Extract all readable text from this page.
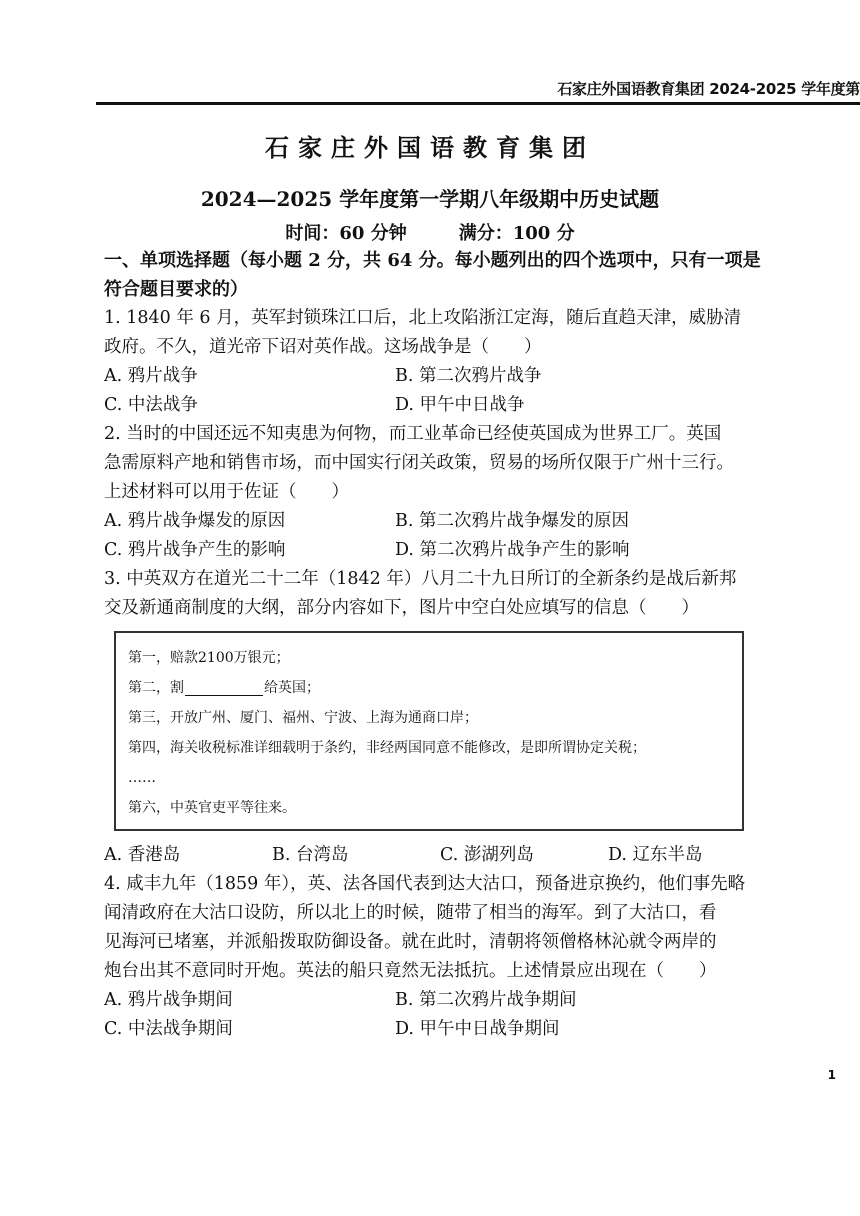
石家庄外国语教育集团 2024-2025 学年度第
石家庄外国语教育集团
2024—2025 学年度第一学期八年级期中历史试题
时间：60 分钟	满分：100 分
一、单项选择题（每小题 2 分，共 64 分。每小题列出的四个选项中，只有一项是
符合题目要求的）
1. 1840 年 6 月，英军封锁珠江口后，北上攻陷浙江定海，随后直趋天津，威胁清
政府。不久，道光帝下诏对英作战。这场战争是（　　）
A. 鸦片战争	B. 第二次鸦片战争
C. 中法战争	D. 甲午中日战争
2. 当时的中国还远不知夷患为何物，而工业革命已经使英国成为世界工厂。英国
急需原料产地和销售市场，而中国实行闭关政策，贸易的场所仅限于广州十三行。
上述材料可以用于佐证（　　）
A. 鸦片战争爆发的原因	B. 第二次鸦片战争爆发的原因
C. 鸦片战争产生的影响	D. 第二次鸦片战争产生的影响
3. 中英双方在道光二十二年（1842 年）八月二十九日所订的全新条约是战后新邦
交及新通商制度的大纲，部分内容如下，图片中空白处应填写的信息（　　）
第一，赔款2100万银元；
第二，割	给英国；
第三，开放广州、厦门、福州、宁波、上海为通商口岸；
第四，海关收税标准详细载明于条约，非经两国同意不能修改，是即所谓协定关税；
……
第六，中英官吏平等往来。
A. 香港岛	B. 台湾岛	C. 澎湖列岛	D. 辽东半岛
4. 咸丰九年（1859 年），英、法各国代表到达大沽口，预备进京换约，他们事先略
闻清政府在大沽口设防，所以北上的时候，随带了相当的海军。到了大沽口，看
见海河已堵塞，并派船拨取防御设备。就在此时，清朝将领僧格林沁就令两岸的
炮台出其不意同时开炮。英法的船只竟然无法抵抗。上述情景应出现在（　　）
A. 鸦片战争期间	B. 第二次鸦片战争期间
C. 中法战争期间	D. 甲午中日战争期间
1
